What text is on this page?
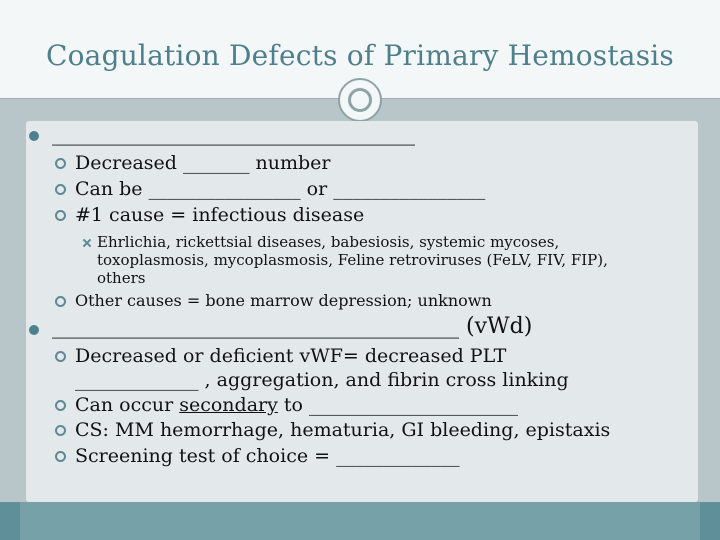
Coagulation Defects of Primary Hemostasis
_________________________________
Decreased _______ number
Can be ________________ or ________________
#1 cause = infectious disease
Ehrlichia, rickettsial diseases, babesiosis, systemic mycoses,
toxoplasmosis, mycoplasmosis, Feline retroviruses (FeLV, FIV, FIP),
others
Other causes = bone marrow depression; unknown
_____________________________________ (vWd)
Decreased or deficient vWF= decreased PLT
_____________ , aggregation, and fibrin cross linking
Can occur secondary to ______________________
CS: MM hemorrhage, hematuria, GI bleeding, epistaxis
Screening test of choice = _____________
